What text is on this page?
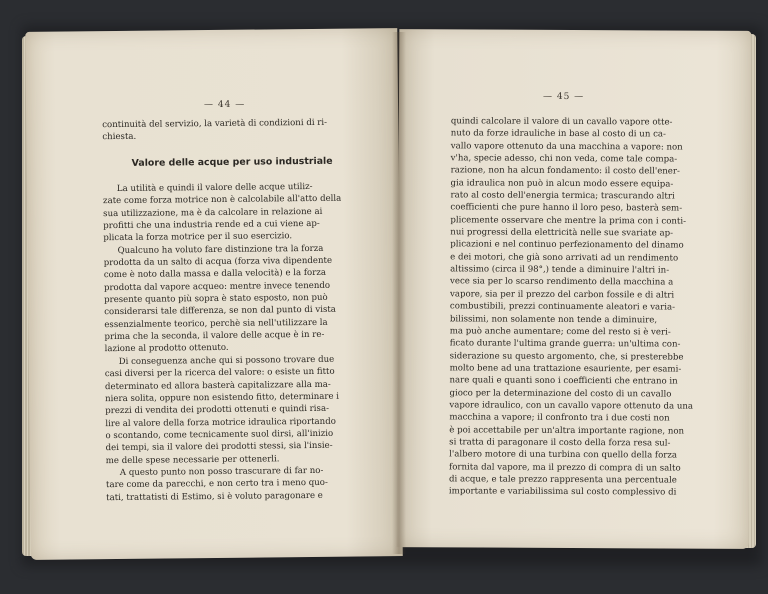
— 44 —
continuità del servizio, la varietà di condizioni di ri-
chiesta.
Valore delle acque per uso industriale
La utilità e quindi il valore delle acque utiliz-
zate come forza motrice non è calcolabile all'atto della
sua utilizzazione, ma è da calcolare in relazione ai
profitti che una industria rende ed a cui viene ap-
plicata la forza motrice per il suo esercizio.
Qualcuno ha voluto fare distinzione tra la forza
prodotta da un salto di acqua (forza viva dipendente
come è noto dalla massa e dalla velocità) e la forza
prodotta dal vapore acqueo: mentre invece tenendo
presente quanto più sopra è stato esposto, non può
considerarsi tale differenza, se non dal punto di vista
essenzialmente teorico, perchè sia nell'utilizzare la
prima che la seconda, il valore delle acque è in re-
lazione al prodotto ottenuto.
Di conseguenza anche qui si possono trovare due
casi diversi per la ricerca del valore: o esiste un fitto
determinato ed allora basterà capitalizzare alla ma-
niera solita, oppure non esistendo fitto, determinare i
prezzi di vendita dei prodotti ottenuti e quindi risa-
lire al valore della forza motrice idraulica riportando
o scontando, come tecnicamente suol dirsi, all'inizio
dei tempi, sia il valore dei prodotti stessi, sia l'insie-
me delle spese necessarie per ottenerli.
A questo punto non posso trascurare di far no-
tare come da parecchi, e non certo tra i meno quo-
tati, trattatisti di Estimo, si è voluto paragonare e
— 45 —
quindi calcolare il valore di un cavallo vapore otte-
nuto da forze idrauliche in base al costo di un ca-
vallo vapore ottenuto da una macchina a vapore: non
v'ha, specie adesso, chi non veda, come tale compa-
razione, non ha alcun fondamento: il costo dell'ener-
gia idraulica non può in alcun modo essere equipa-
rato al costo dell'energia termica; trascurando altri
coefficienti che pure hanno il loro peso, basterà sem-
plicemente osservare che mentre la prima con i conti-
nui progressi della elettricità nelle sue svariate ap-
plicazioni e nel continuo perfezionamento del dinamo
e dei motori, che già sono arrivati ad un rendimento
altissimo (circa il 98°,) tende a diminuire l'altri in-
vece sia per lo scarso rendimento della macchina a
vapore, sia per il prezzo del carbon fossile e di altri
combustibili, prezzi continuamente aleatori e varia-
bilissimi, non solamente non tende a diminuire,
ma può anche aumentare; come del resto si è veri-
ficato durante l'ultima grande guerra: un'ultima con-
siderazione su questo argomento, che, si presterebbe
molto bene ad una trattazione esauriente, per esami-
nare quali e quanti sono i coefficienti che entrano in
gioco per la determinazione del costo di un cavallo
vapore idraulico, con un cavallo vapore ottenuto da una
macchina a vapore; il confronto tra i due costi non
è poi accettabile per un'altra importante ragione, non
si tratta di paragonare il costo della forza resa sul-
l'albero motore di una turbina con quello della forza
fornita dal vapore, ma il prezzo di compra di un salto
di acque, e tale prezzo rappresenta una percentuale
importante e variabilissima sul costo complessivo di
